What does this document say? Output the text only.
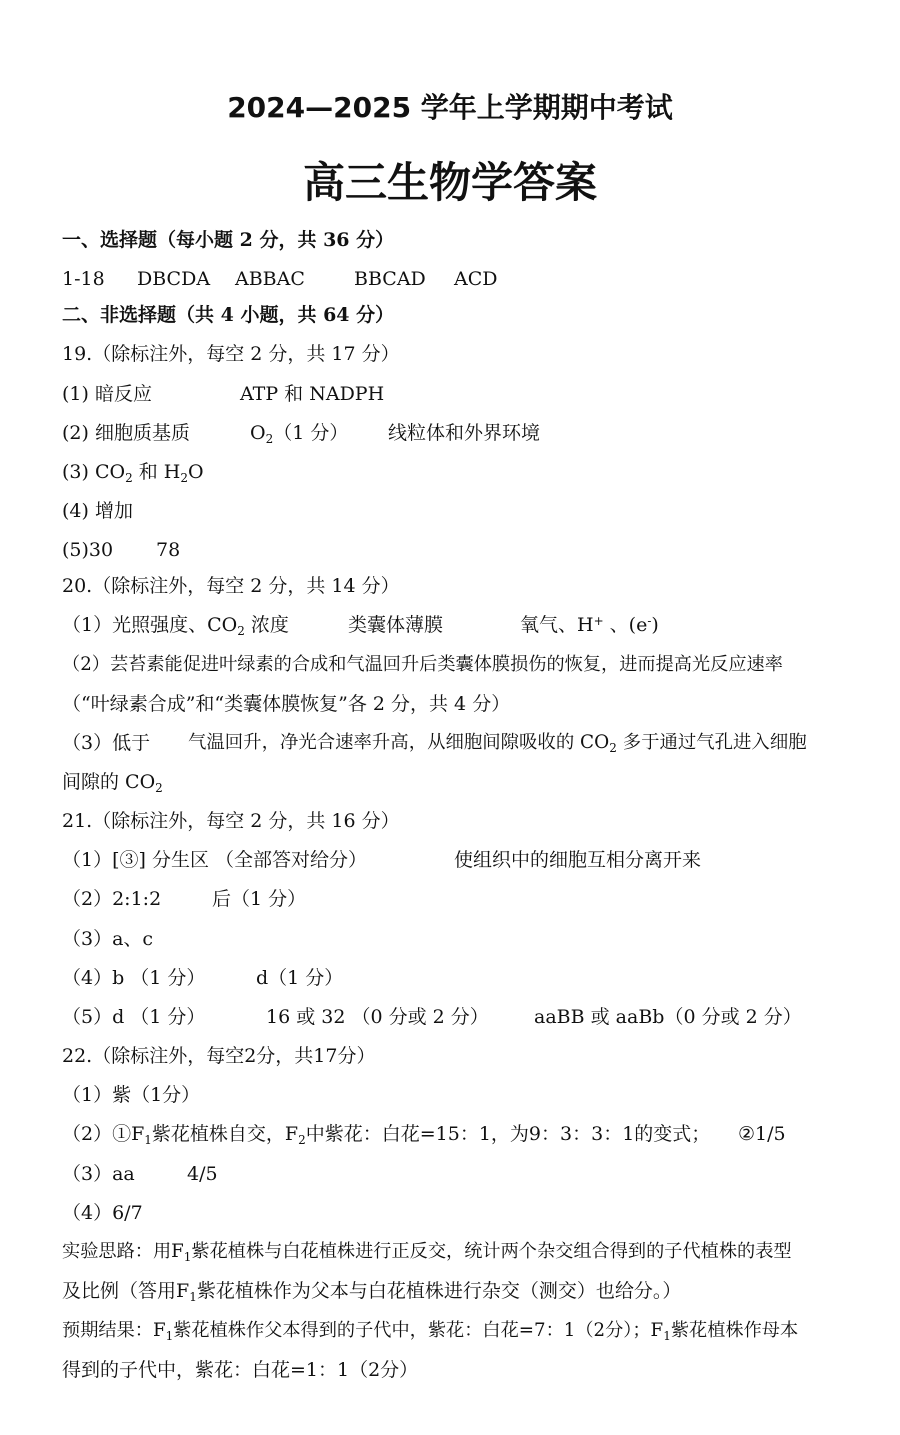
2024—2025 学年上学期期中考试
高三生物学答案
一、选择题（每小题 2 分，共 36 分）
1-18 DBCDA ABBAC	BBCAD ACD
二、非选择题（共 4 小题，共 64 分）
19.（除标注外，每空 2 分，共 17 分）
(1) 暗反应	ATP 和 NADPH
(2) 细胞质基质	$O_2(1$ 分） 线粒体和外界环境
(3) $CO_2$ 和 $H_2O$
(4) 增加
(5)30 78
20.（除标注外，每空 2 分，共 14 分）
（1）光照强度、$CO_2$ 浓度	类囊体薄膜	氧气、H+ 、(e-)
（2）芸苔素能促进叶绿素的合成和气温回升后类囊体膜损伤的恢复，进而提高光反应速率
（“叶绿素合成”和“类囊体膜恢复”各 2 分，共 4 分）
（3）低于 气温回升，净光合速率升高，从细胞间隙吸收的 $CO_2$ 多于通过气孔进入细胞
间隙的 $CO_2$
21.（除标注外，每空 2 分，共 16 分）
（1）[③] 分生区 （全部答对给分）	使组织中的细胞互相分离开来
（2）2:1:2	后（1 分）
（3）a、c
（4）b （1 分）	d（1 分）
（5）d （1 分）	16 或 32 （0 分或 2 分） aaBB 或 aaBb（0 分或 2 分）
22.（除标注外，每空2分，共17分）
（1）紫（1分）
$(2)①F_1$紫花植株自交，$F_2$中紫花：白花=15：1，为9：3：3：1的变式； ②1/5
（3）aa	4/5
（4）6/7
实验思路：用$F_1$紫花植株与白花植株进行正反交，统计两个杂交组合得到的子代植株的表型
及比例（答用$F_1$紫花植株作为父本与白花植株进行杂交（测交）也给分。）
预期结果：$F_1$紫花植株作父本得到的子代中，紫花：白花=7：1（2分）；$F_1$紫花植株作母本
得到的子代中，紫花：白花=1：1（2分）
